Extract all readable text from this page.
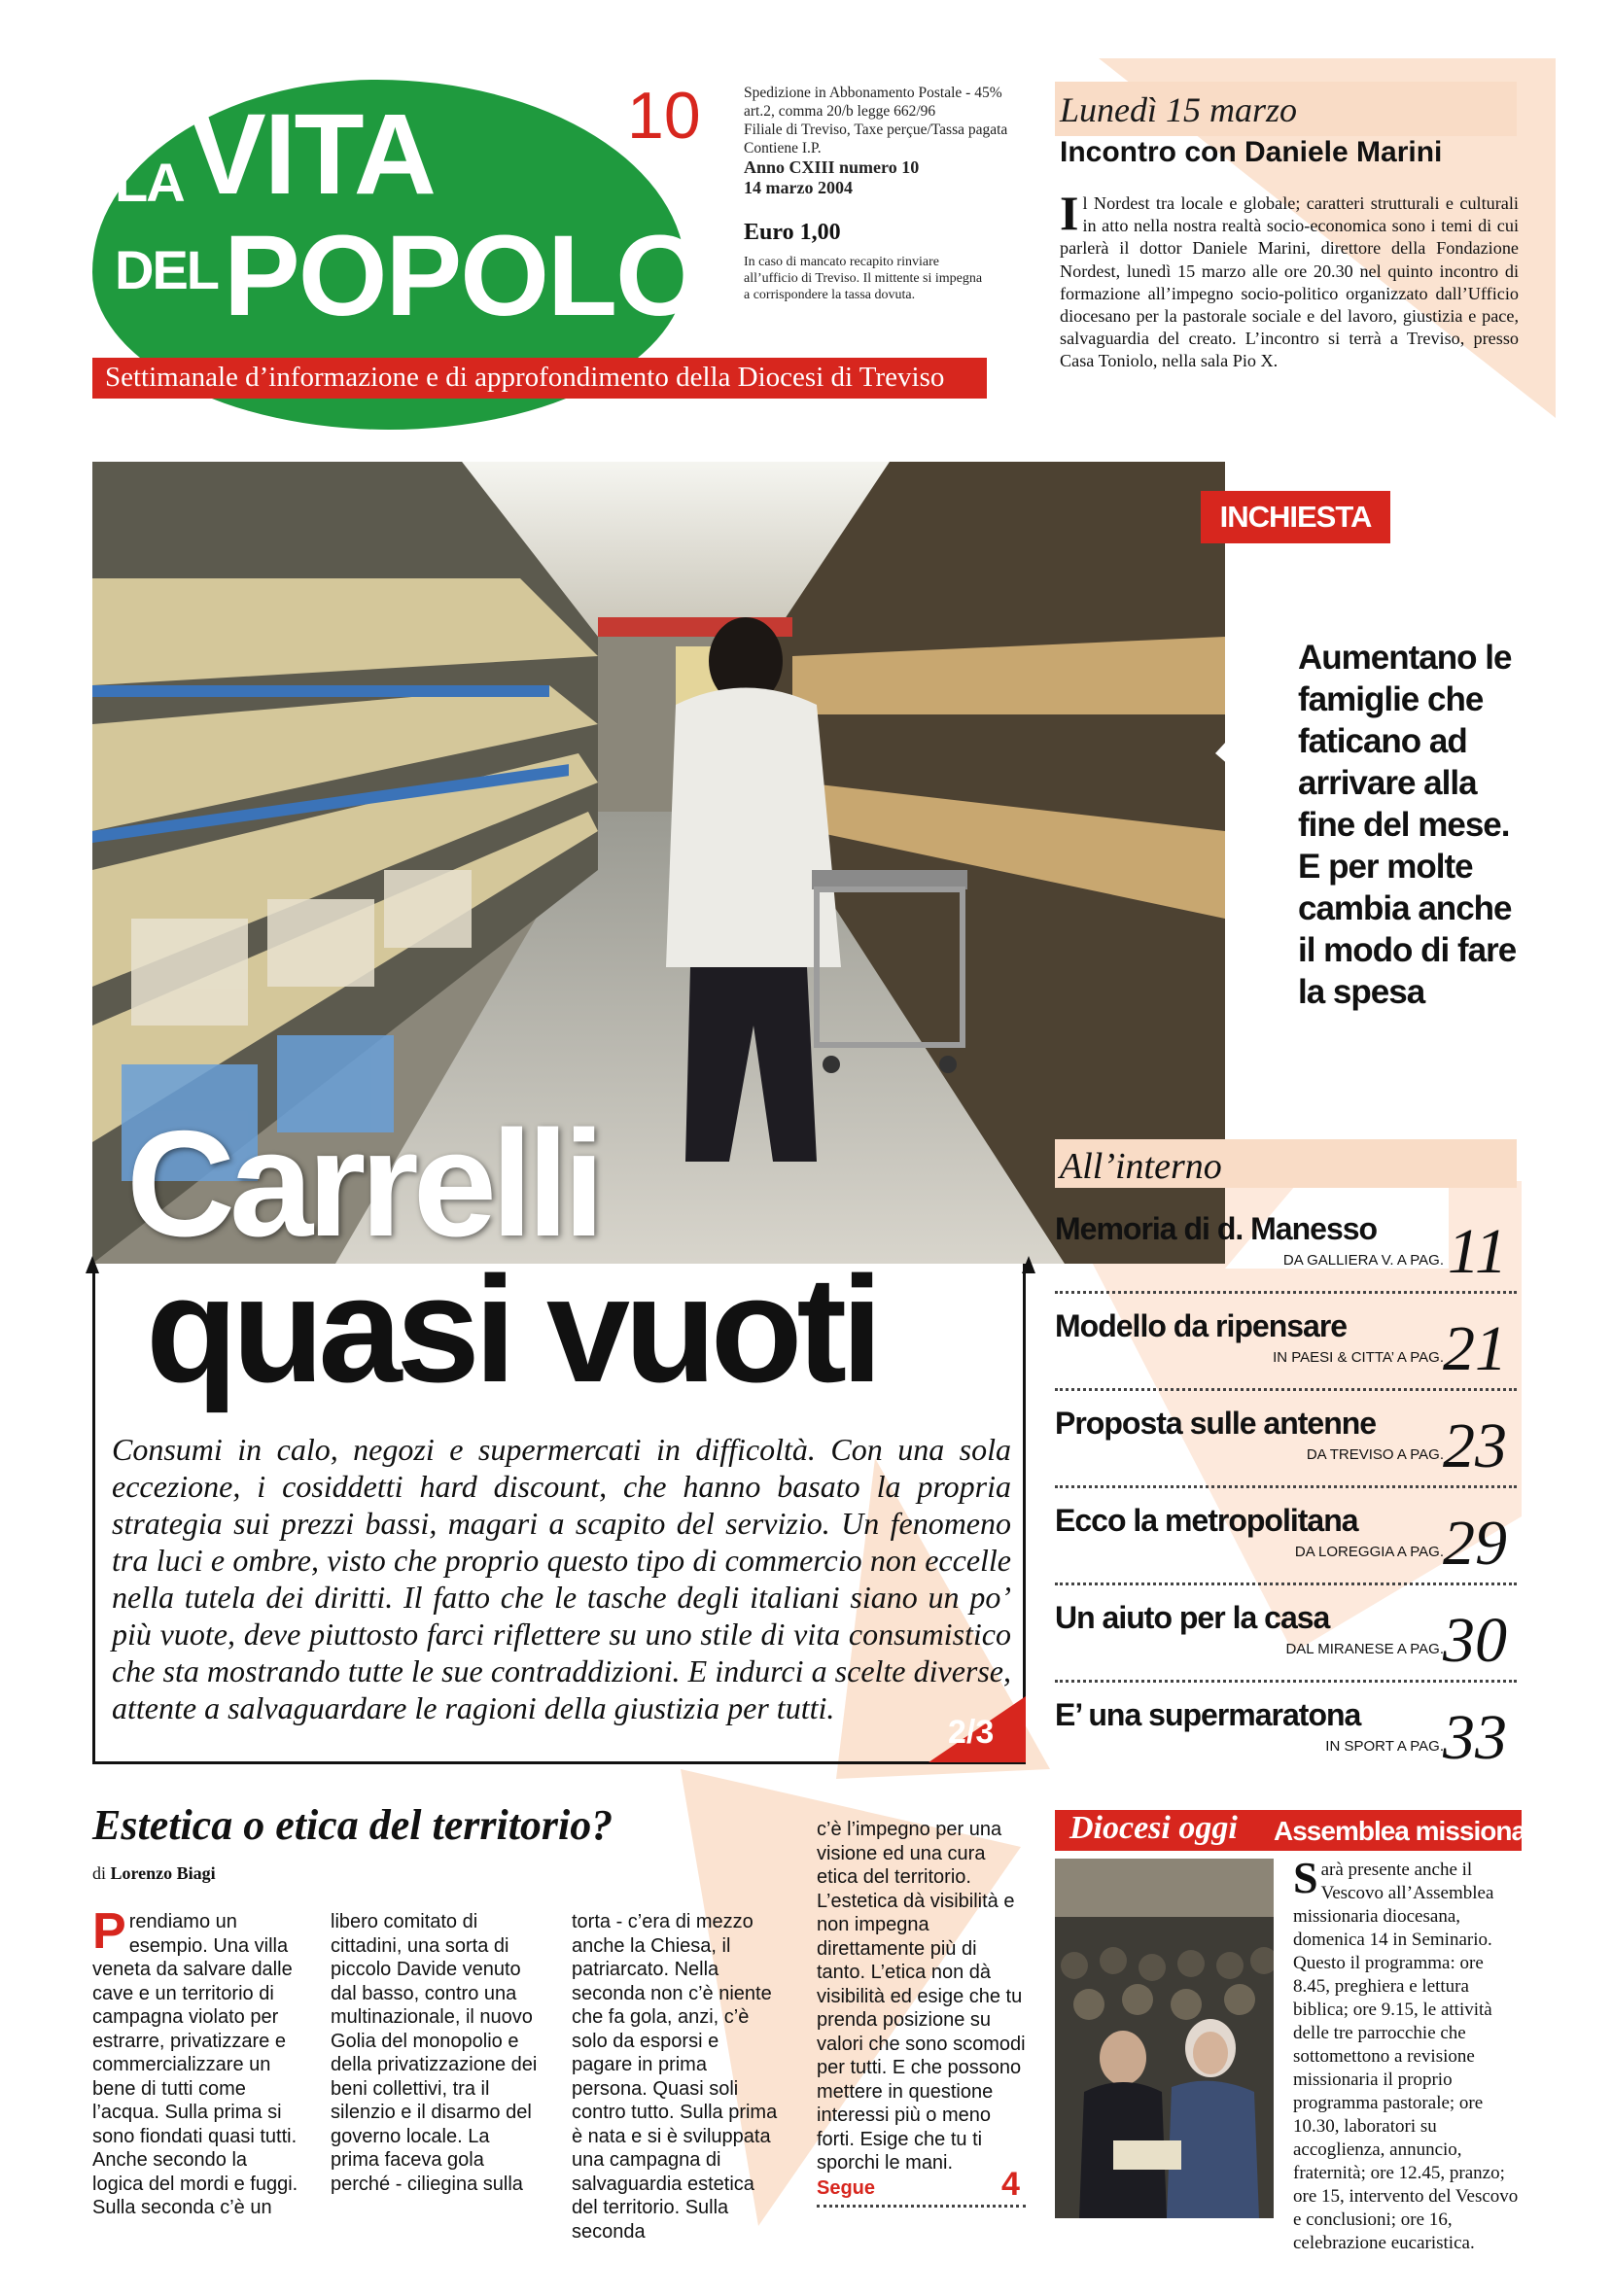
LA VITA
DEL POPOLO
Settimanale d’informazione e di approfondimento della Diocesi di Treviso
10	Spedizione in Abbonamento Postale - 45%
art.2, comma 20/b legge 662/96
Filiale di Treviso, Taxe perçue/Tassa pagata
Contiene I.P.
Anno CXIII numero 10
14 marzo 2004
Euro 1,00
In caso di mancato recapito rinviare
all’ufficio di Treviso. Il mittente si impegna
a corrispondere la tassa dovuta.
Lunedì 15 marzo
Incontro con Daniele Marini
Il Nordest tra locale e globale; caratteri strutturali e culturali in atto nella nostra realtà socio-economica sono i temi di cui parlerà il dottor Daniele Marini, direttore della Fondazione Nordest, lunedì 15 marzo alle ore 20.30 nel quinto incontro di formazione all’impegno socio-politico organizzato dall’Ufficio diocesano per la pastorale sociale e del lavoro, giustizia e pace, salvaguardia del creato. L’incontro si terrà a Treviso, presso Casa Toniolo, nella sala Pio X.
INCHIESTA
Aumentano le famiglie che faticano ad arrivare alla fine del mese. E per molte cambia anche il modo di fare la spesa
Carrelli
quasi vuoti
Consumi in calo, negozi e supermercati in difficoltà. Con una sola eccezione, i cosiddetti hard discount, che hanno basato la propria strategia sui prezzi bassi, magari a scapito del servizio. Un fenomeno tra luci e ombre, visto che proprio questo tipo di commercio non eccelle nella tutela dei diritti. Il fatto che le tasche degli italiani siano un po’ più vuote, deve piuttosto farci riflettere su uno stile di vita consumistico che sta mostrando tutte le sue contraddizioni. E indurci a scelte diverse, attente a salvaguardare le ragioni della giustizia per tutti.
2/3
All’interno
Memoria di d. Manesso
DA GALLIERA V. A PAG. 11
Modello da ripensare
IN PAESI & CITTA’ A PAG. 21
Proposta sulle antenne
DA TREVISO A PAG. 23
Ecco la metropolitana
DA LOREGGIA A PAG. 29
Un aiuto per la casa
DAL MIRANESE A PAG. 30
E’ una supermaratona
IN SPORT A PAG. 33
Estetica o etica del territorio?
di Lorenzo Biagi
Prendiamo un esempio. Una villa veneta da salvare dalle cave e un territorio di campagna violato per estrarre, privatizzare e commercializzare un bene di tutti come l’acqua. Sulla prima si sono fiondati quasi tutti. Anche secondo la logica del mordi e fuggi. Sulla seconda c’è un
libero comitato di cittadini, una sorta di piccolo Davide venuto dal basso, contro una multinazionale, il nuovo Golia del monopolio e della privatizzazione dei beni collettivi, tra il silenzio e il disarmo del governo locale. La prima faceva gola perché - ciliegina sulla
torta - c’era di mezzo anche la Chiesa, il patriarcato. Nella seconda non c’è niente che fa gola, anzi, c’è solo da esporsi e pagare in prima persona. Quasi soli contro tutto. Sulla prima è nata e si è sviluppata una campagna di salvaguardia estetica del territorio. Sulla seconda
c’è l’impegno per una visione ed una cura etica del territorio. L’estetica dà visibilità e non impegna direttamente più di tanto. L’etica non dà visibilità ed esige che tu prenda posizione su valori che sono scomodi per tutti. E che possono mettere in questione interessi più o meno forti. Esige che tu ti sporchi le mani.
Segue	4
Diocesi oggi Assemblea missionaria
Sarà presente anche il Vescovo all’Assemblea missionaria diocesana, domenica 14 in Seminario. Questo il programma: ore 8.45, preghiera e lettura biblica; ore 9.15, le attività delle tre parrocchie che sottomettono a revisione missionaria il proprio programma pastorale; ore 10.30, laboratori su accoglienza, annuncio, fraternità; ore 12.45, pranzo; ore 15, intervento del Vescovo e conclusioni; ore 16, celebrazione eucaristica.
